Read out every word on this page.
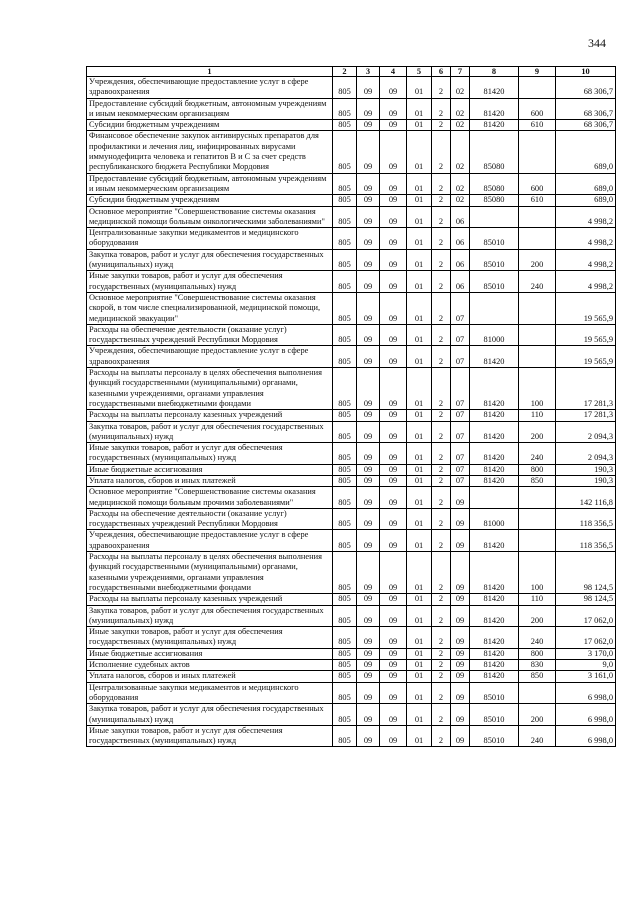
344
1	2	3	4	5	6	7	8	9	10
Учреждения, обеспечивающие предоставление услуг в сфере здравоохранения	805	09	09	01	2	02	81420		68 306,7
Предоставление субсидий бюджетным, автономным учреждениям и иным некоммерческим организациям	805	09	09	01	2	02	81420	600	68 306,7
Субсидии бюджетным учреждениям	805	09	09	01	2	02	81420	610	68 306,7
Финансовое обеспечение закупок антивирусных препаратов для профилактики и лечения лиц, инфицированных вирусами иммунодефицита человека и гепатитов В и С за счет средств республиканского бюджета Республики Мордовия	805	09	09	01	2	02	85080		689,0
Предоставление субсидий бюджетным, автономным учреждениям и иным некоммерческим организациям	805	09	09	01	2	02	85080	600	689,0
Субсидии бюджетным учреждениям	805	09	09	01	2	02	85080	610	689,0
Основное мероприятие "Совершенствование системы оказания медицинской помощи больным онкологическими заболеваниями"	805	09	09	01	2	06			4 998,2
Централизованные закупки медикаментов и медицинского оборудования	805	09	09	01	2	06	85010		4 998,2
Закупка товаров, работ и услуг для обеспечения государственных (муниципальных) нужд	805	09	09	01	2	06	85010	200	4 998,2
Иные закупки товаров, работ и услуг для обеспечения государственных (муниципальных) нужд	805	09	09	01	2	06	85010	240	4 998,2
Основное мероприятие "Совершенствование системы оказания скорой, в том числе специализированной, медицинской помощи, медицинской эвакуации"	805	09	09	01	2	07			19 565,9
Расходы на обеспечение деятельности (оказание услуг) государственных учреждений Республики Мордовия	805	09	09	01	2	07	81000		19 565,9
Учреждения, обеспечивающие предоставление услуг в сфере здравоохранения	805	09	09	01	2	07	81420		19 565,9
Расходы на выплаты персоналу в целях обеспечения выполнения функций государственными (муниципальными) органами, казенными учреждениями, органами управления государственными внебюджетными фондами	805	09	09	01	2	07	81420	100	17 281,3
Расходы на выплаты персоналу казенных учреждений	805	09	09	01	2	07	81420	110	17 281,3
Закупка товаров, работ и услуг для обеспечения государственных (муниципальных) нужд	805	09	09	01	2	07	81420	200	2 094,3
Иные закупки товаров, работ и услуг для обеспечения государственных (муниципальных) нужд	805	09	09	01	2	07	81420	240	2 094,3
Иные бюджетные ассигнования	805	09	09	01	2	07	81420	800	190,3
Уплата налогов, сборов и иных платежей	805	09	09	01	2	07	81420	850	190,3
Основное мероприятие "Совершенствование системы оказания медицинской помощи больным прочими заболеваниями"	805	09	09	01	2	09			142 116,8
Расходы на обеспечение деятельности (оказание услуг) государственных учреждений Республики Мордовия	805	09	09	01	2	09	81000		118 356,5
Учреждения, обеспечивающие предоставление услуг в сфере здравоохранения	805	09	09	01	2	09	81420		118 356,5
Расходы на выплаты персоналу в целях обеспечения выполнения функций государственными (муниципальными) органами, казенными учреждениями, органами управления государственными внебюджетными фондами	805	09	09	01	2	09	81420	100	98 124,5
Расходы на выплаты персоналу казенных учреждений	805	09	09	01	2	09	81420	110	98 124,5
Закупка товаров, работ и услуг для обеспечения государственных (муниципальных) нужд	805	09	09	01	2	09	81420	200	17 062,0
Иные закупки товаров, работ и услуг для обеспечения государственных (муниципальных) нужд	805	09	09	01	2	09	81420	240	17 062,0
Иные бюджетные ассигнования	805	09	09	01	2	09	81420	800	3 170,0
Исполнение судебных актов	805	09	09	01	2	09	81420	830	9,0
Уплата налогов, сборов и иных платежей	805	09	09	01	2	09	81420	850	3 161,0
Централизованные закупки медикаментов и медицинского оборудования	805	09	09	01	2	09	85010		6 998,0
Закупка товаров, работ и услуг для обеспечения государственных (муниципальных) нужд	805	09	09	01	2	09	85010	200	6 998,0
Иные закупки товаров, работ и услуг для обеспечения государственных (муниципальных) нужд	805	09	09	01	2	09	85010	240	6 998,0
